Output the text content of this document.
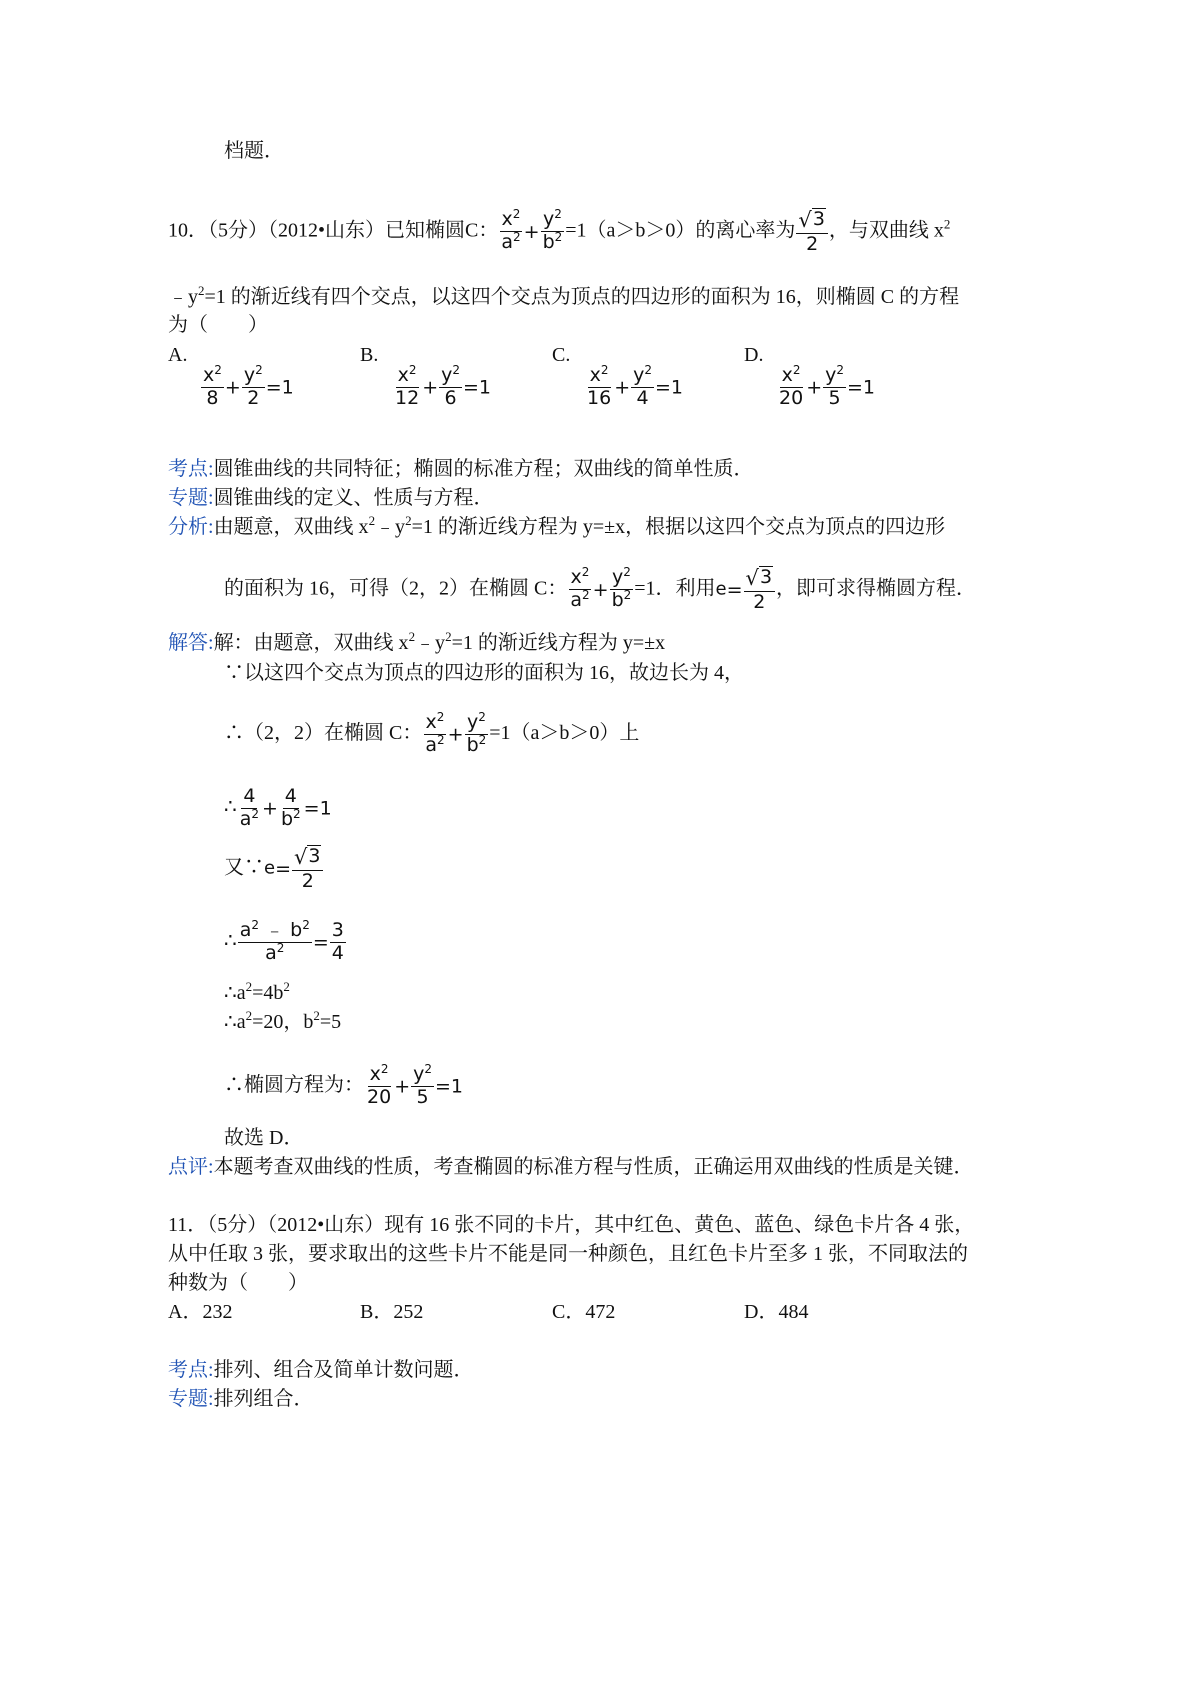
档题．
10．（5分）（2012•山东）已知椭圆C： $\frac{x^2}{a^2} + \frac{y^2}{b^2} =1(a>b>0)$的离心率为 $\frac{√ 3}{2}$ ，与双曲线 $x^2$
$﹣y^2=1$ 的渐近线有四个交点，以这四个交点为顶点的四边形的面积为 16，则椭圆 C 的方程
为（　　）
A.
$\frac{x^2}{8} + \frac{y^2}{2} =1$
B.
$\frac{x^2}{12} + \frac{y^2}{6} =1$
C.
$\frac{x^2}{16} + \frac{y^2}{4} =1$
D.
$\frac{x^2}{20} + \frac{y^2}{5} =1$
考点:圆锥曲线的共同特征；椭圆的标准方程；双曲线的简单性质．
专题:圆锥曲线的定义、性质与方程．
分析:由题意，双曲线 $x^2﹣y^2=1$ 的渐近线方程为 y=±x，根据以这四个交点为顶点的四边形
的面积为 16，可得（2，2）在椭圆 C： $\frac{x^2}{a^2} + \frac{y^2}{b^2} =1$．利用$e= \frac{√ 3}{2}$ ，即可求得椭圆方程．
解答:解：由题意，双曲线 $x^2﹣y^2=1$ 的渐近线方程为 y=±x
∵以这四个交点为顶点的四边形的面积为 16，故边长为 4，
∴（2，2）在椭圆 C： $\frac{x^2}{a^2} + \frac{y^2}{b^2} =1(a>b>0)$上
∴ $\frac{4}{a^2} + \frac{4}{b^2} =1$
又∵e= $\frac{√ 3}{2}$
∴ $\frac{a^2 ﹣ b^2}{a^2} = \frac{3}{4}$
$\therefore a^2=4b^2$
$\therefore a^2=20$，$b^2=5$
∴椭圆方程为： $\frac{x^2}{20} + \frac{y^2}{5} =1$
故选 D．
点评:本题考查双曲线的性质，考查椭圆的标准方程与性质，正确运用双曲线的性质是关键．
11．（5分）（2012•山东）现有 16 张不同的卡片，其中红色、黄色、蓝色、绿色卡片各 4 张，
从中任取 3 张，要求取出的这些卡片不能是同一种颜色，且红色卡片至多 1 张，不同取法的
种数为（　　）
A．232	B．252	C．472	D．484
考点:排列、组合及简单计数问题．
专题:排列组合．
